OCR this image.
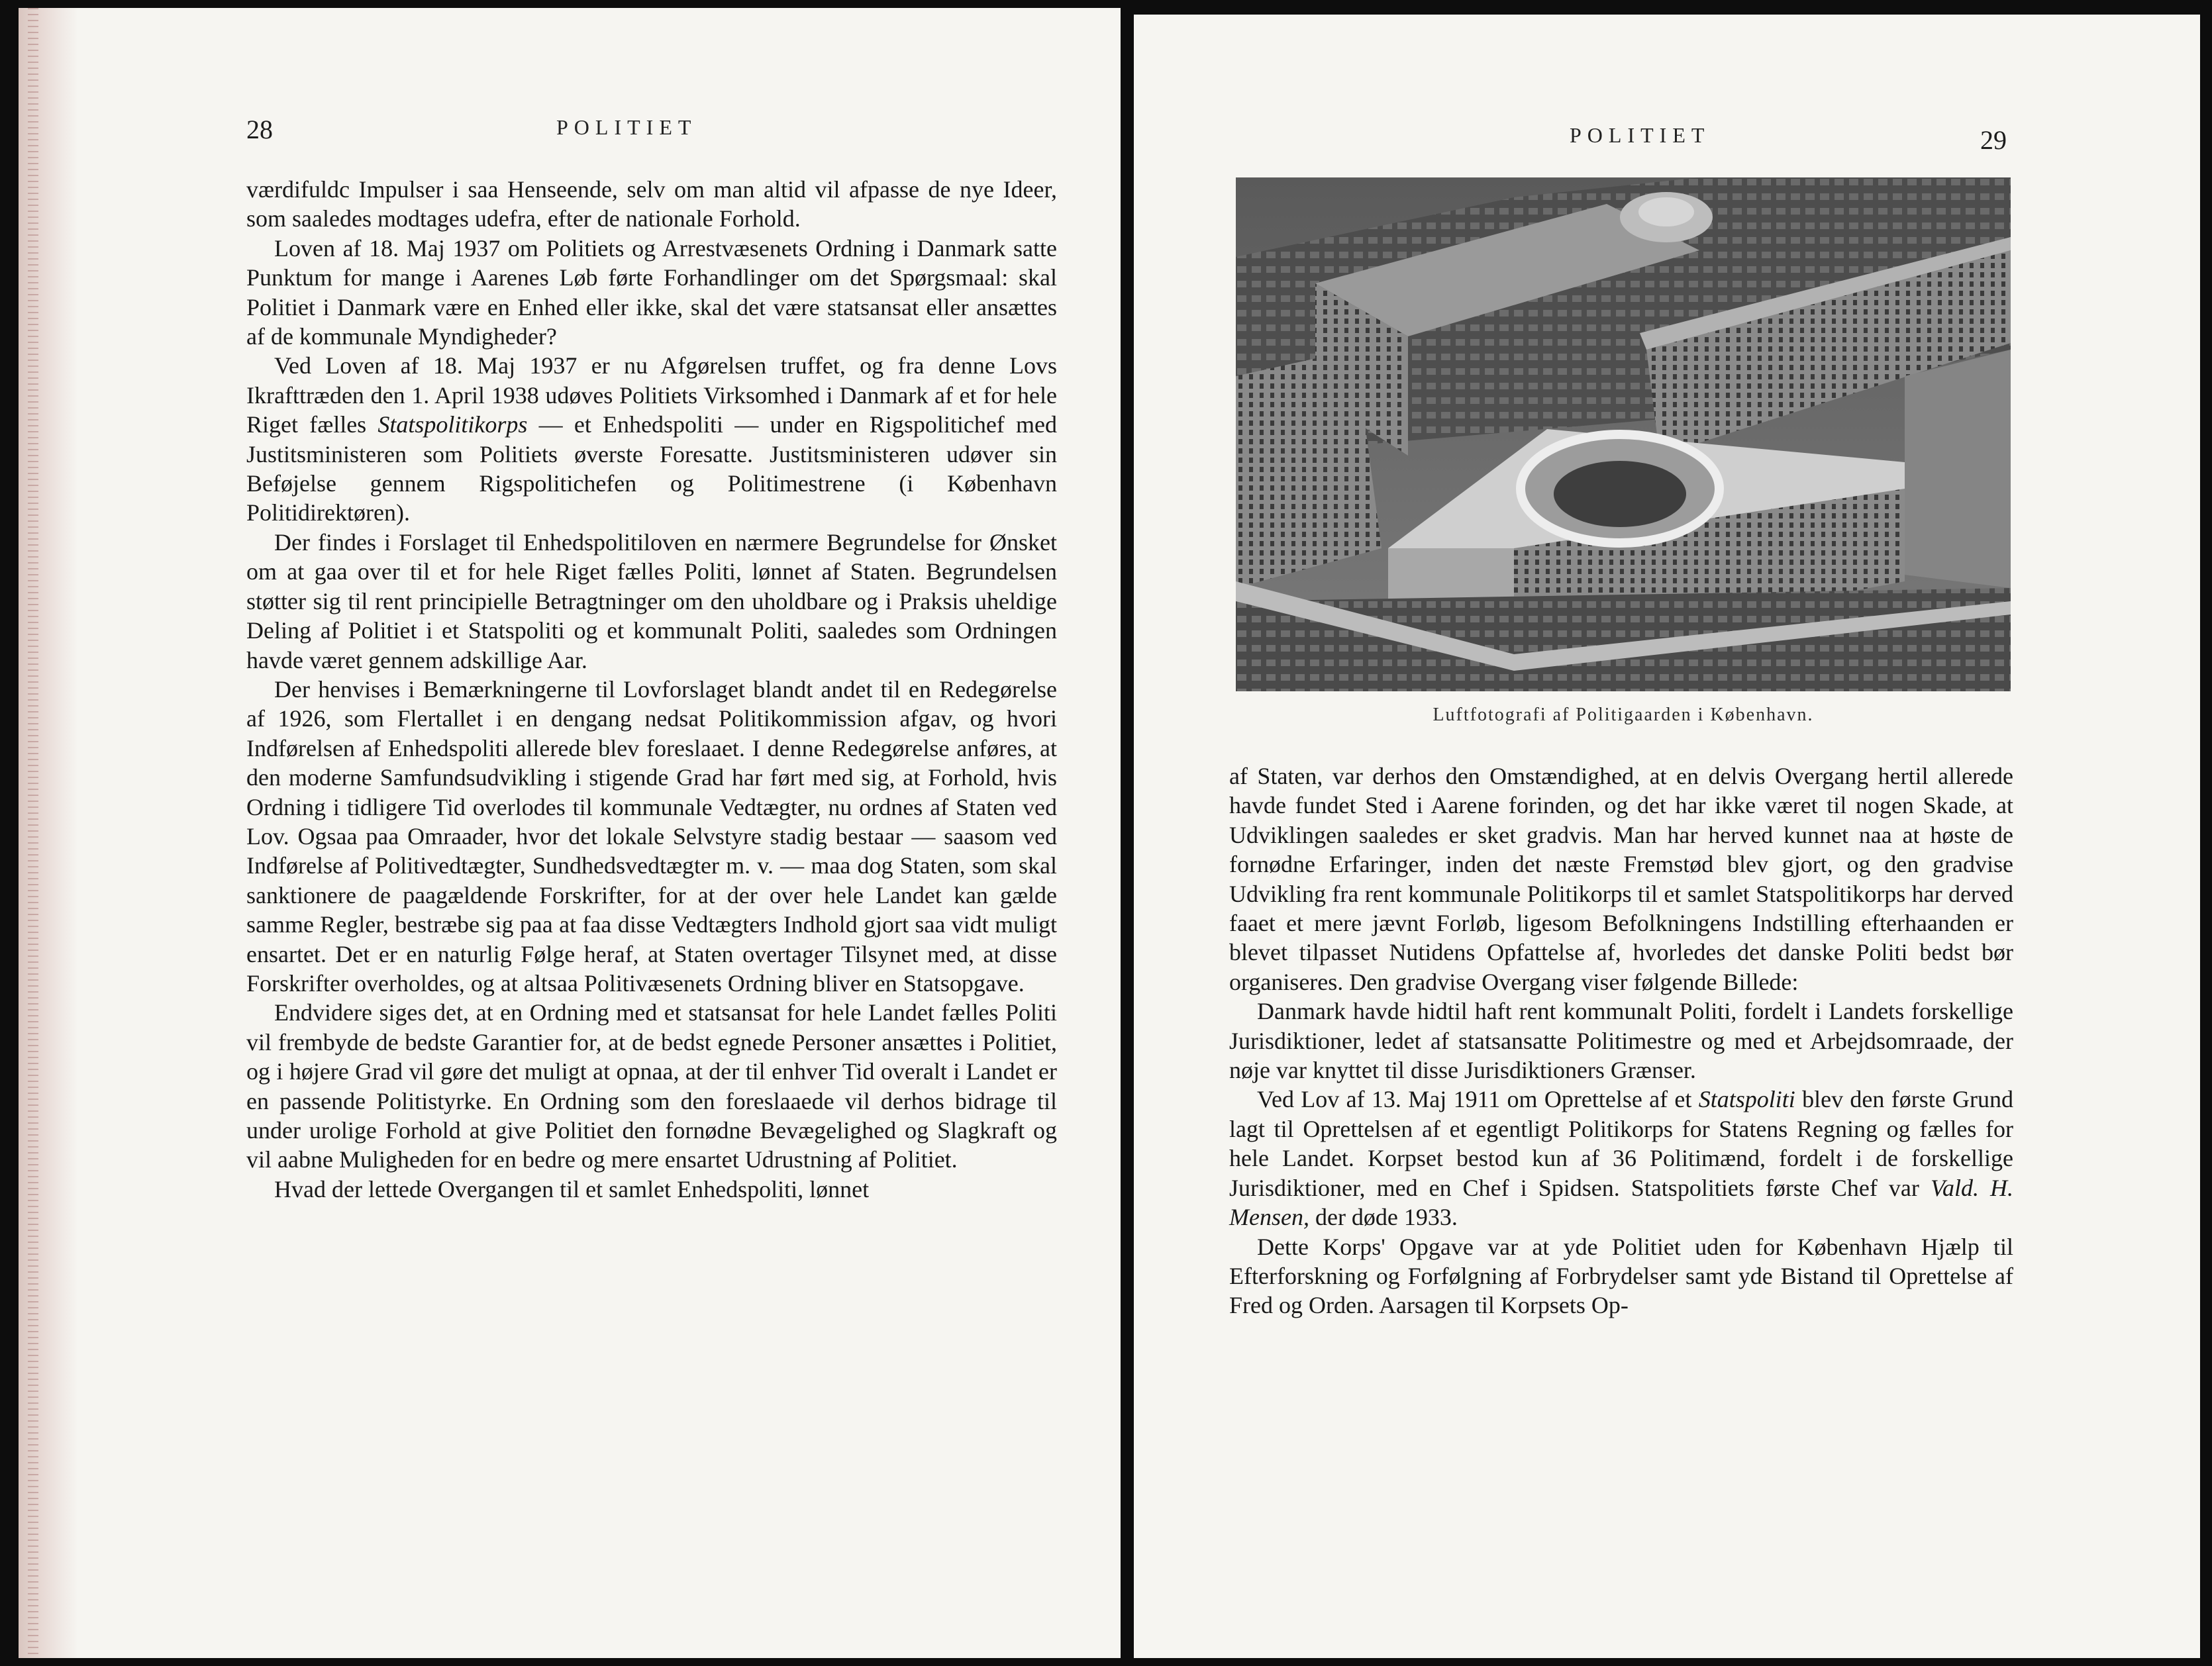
28	POLITIET

værdifuldc Impulser i saa Henseende, selv om man altid vil afpasse de nye Ideer, som saaledes modtages udefra, efter de nationale Forhold.

Loven af 18. Maj 1937 om Politiets og Arrestvæsenets Ordning i Danmark satte Punktum for mange i Aarenes Løb førte Forhandlinger om det Spørgsmaal: skal Politiet i Danmark være en Enhed eller ikke, skal det være statsansat eller ansættes af de kommunale Myndigheder?

Ved Loven af 18. Maj 1937 er nu Afgørelsen truffet, og fra denne Lovs Ikrafttræden den 1. April 1938 udøves Politiets Virksomhed i Danmark af et for hele Riget fælles Statspolitikorps — et Enhedspoliti — under en Rigspolitichef med Justitsministeren som Politiets øverste Foresatte. Justitsministeren udøver sin Beføjelse gennem Rigspolitichefen og Politimestrene (i København Politidirektøren).

Der findes i Forslaget til Enhedspolitiloven en nærmere Begrundelse for Ønsket om at gaa over til et for hele Riget fælles Politi, lønnet af Staten. Begrundelsen støtter sig til rent principielle Betragtninger om den uholdbare og i Praksis uheldige Deling af Politiet i et Statspoliti og et kommunalt Politi, saaledes som Ordningen havde været gennem adskillige Aar.

Der henvises i Bemærkningerne til Lovforslaget blandt andet til en Redegørelse af 1926, som Flertallet i en dengang nedsat Politikommission afgav, og hvori Indførelsen af Enhedspoliti allerede blev foreslaaet. I denne Redegørelse anføres, at den moderne Samfundsudvikling i stigende Grad har ført med sig, at Forhold, hvis Ordning i tidligere Tid overlodes til kommunale Vedtægter, nu ordnes af Staten ved Lov. Ogsaa paa Omraader, hvor det lokale Selvstyre stadig bestaar — saasom ved Indførelse af Politivedtægter, Sundhedsvedtægter m. v. — maa dog Staten, som skal sanktionere de paagældende Forskrifter, for at der over hele Landet kan gælde samme Regler, bestræbe sig paa at faa disse Vedtægters Indhold gjort saa vidt muligt ensartet. Det er en naturlig Følge heraf, at Staten overtager Tilsynet med, at disse Forskrifter overholdes, og at altsaa Politivæsenets Ordning bliver en Statsopgave.

Endvidere siges det, at en Ordning med et statsansat for hele Landet fælles Politi vil frembyde de bedste Garantier for, at de bedst egnede Personer ansættes i Politiet, og i højere Grad vil gøre det muligt at opnaa, at der til enhver Tid overalt i Landet er en passende Politistyrke. En Ordning som den foreslaaede vil derhos bidrage til under urolige Forhold at give Politiet den fornødne Bevægelighed og Slagkraft og vil aabne Muligheden for en bedre og mere ensartet Udrustning af Politiet.

Hvad der lettede Overgangen til et samlet Enhedspoliti, lønnet

POLITIET	29
Luftfotografi af Politigaarden i København.

af Staten, var derhos den Omstændighed, at en delvis Overgang hertil allerede havde fundet Sted i Aarene forinden, og det har ikke været til nogen Skade, at Udviklingen saaledes er sket gradvis. Man har herved kunnet naa at høste de fornødne Erfaringer, inden det næste Fremstød blev gjort, og den gradvise Udvikling fra rent kommunale Politikorps til et samlet Statspolitikorps har derved faaet et mere jævnt Forløb, ligesom Befolkningens Indstilling efterhaanden er blevet tilpasset Nutidens Opfattelse af, hvorledes det danske Politi bedst bør organiseres. Den gradvise Overgang viser følgende Billede:

Danmark havde hidtil haft rent kommunalt Politi, fordelt i Landets forskellige Jurisdiktioner, ledet af statsansatte Politimestre og med et Arbejdsomraade, der nøje var knyttet til disse Jurisdiktioners Grænser.

Ved Lov af 13. Maj 1911 om Oprettelse af et Statspoliti blev den første Grund lagt til Oprettelsen af et egentligt Politikorps for Statens Regning og fælles for hele Landet. Korpset bestod kun af 36 Politimænd, fordelt i de forskellige Jurisdiktioner, med en Chef i Spidsen. Statspolitiets første Chef var Vald. H. Mensen, der døde 1933.

Dette Korps' Opgave var at yde Politiet uden for København Hjælp til Efterforskning og Forfølgning af Forbrydelser samt yde Bistand til Oprettelse af Fred og Orden. Aarsagen til Korpsets Op-
